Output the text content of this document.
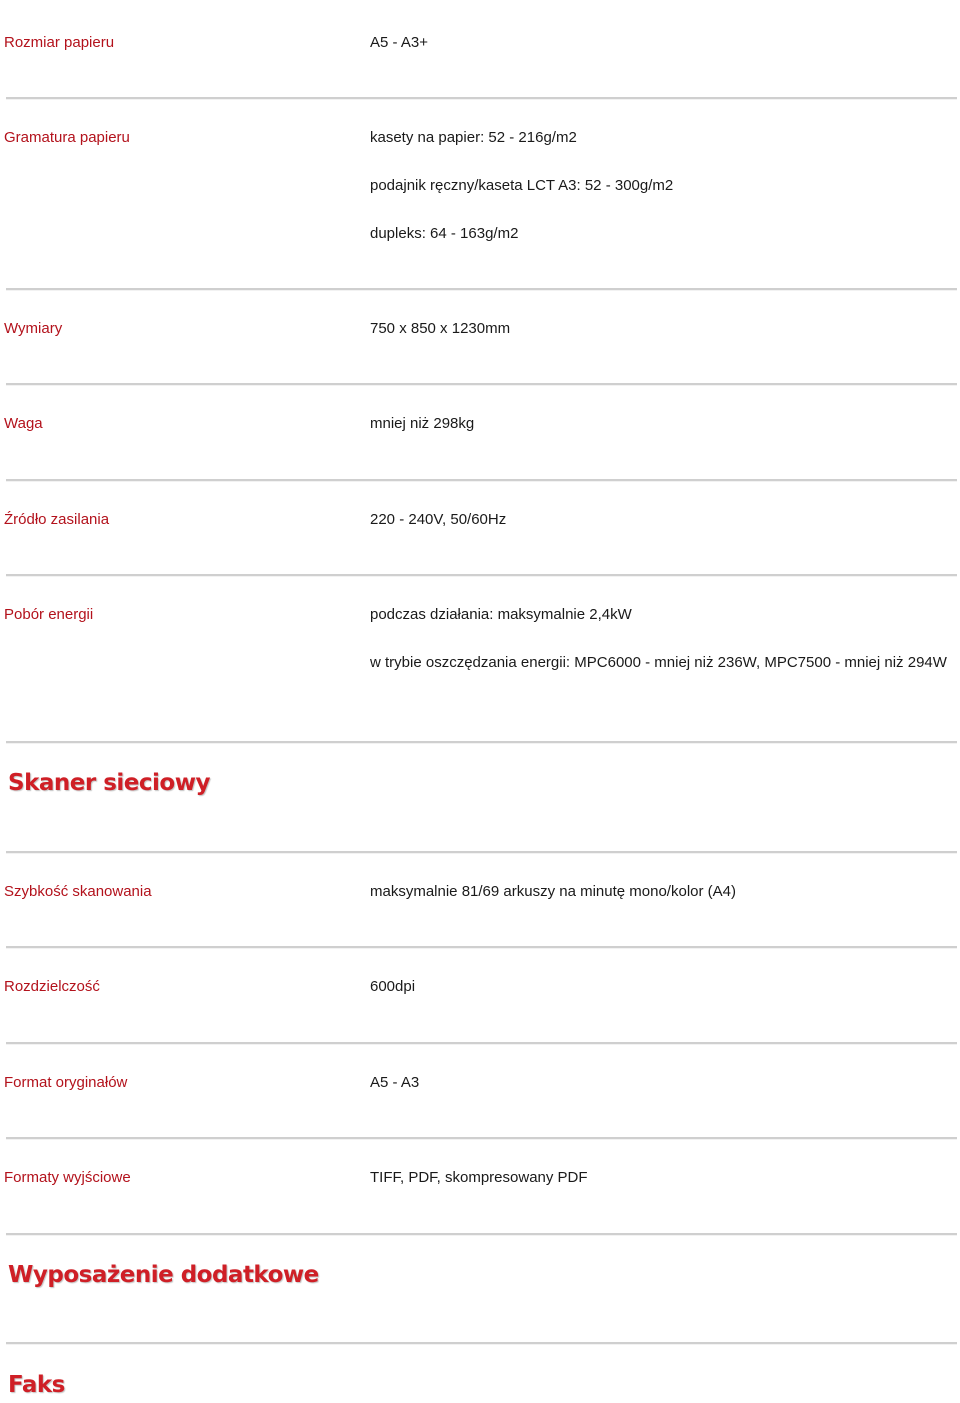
Rozmiar papieru	A5 - A3+
Gramatura papieru	kasety na papier: 52 - 216g/m2
podajnik ręczny/kaseta LCT A3: 52 - 300g/m2
dupleks: 64 - 163g/m2
Wymiary	750 x 850 x 1230mm
Waga	mniej niż 298kg
Źródło zasilania	220 - 240V, 50/60Hz
Pobór energii	podczas działania: maksymalnie 2,4kW
w trybie oszczędzania energii: MPC6000 - mniej niż 236W, MPC7500 - mniej niż 294W
Skaner sieciowy
Szybkość skanowania	maksymalnie 81/69 arkuszy na minutę mono/kolor (A4)
Rozdzielczość	600dpi
Format oryginałów	A5 - A3
Formaty wyjściowe	TIFF, PDF, skompresowany PDF
Wyposażenie dodatkowe
Faks
